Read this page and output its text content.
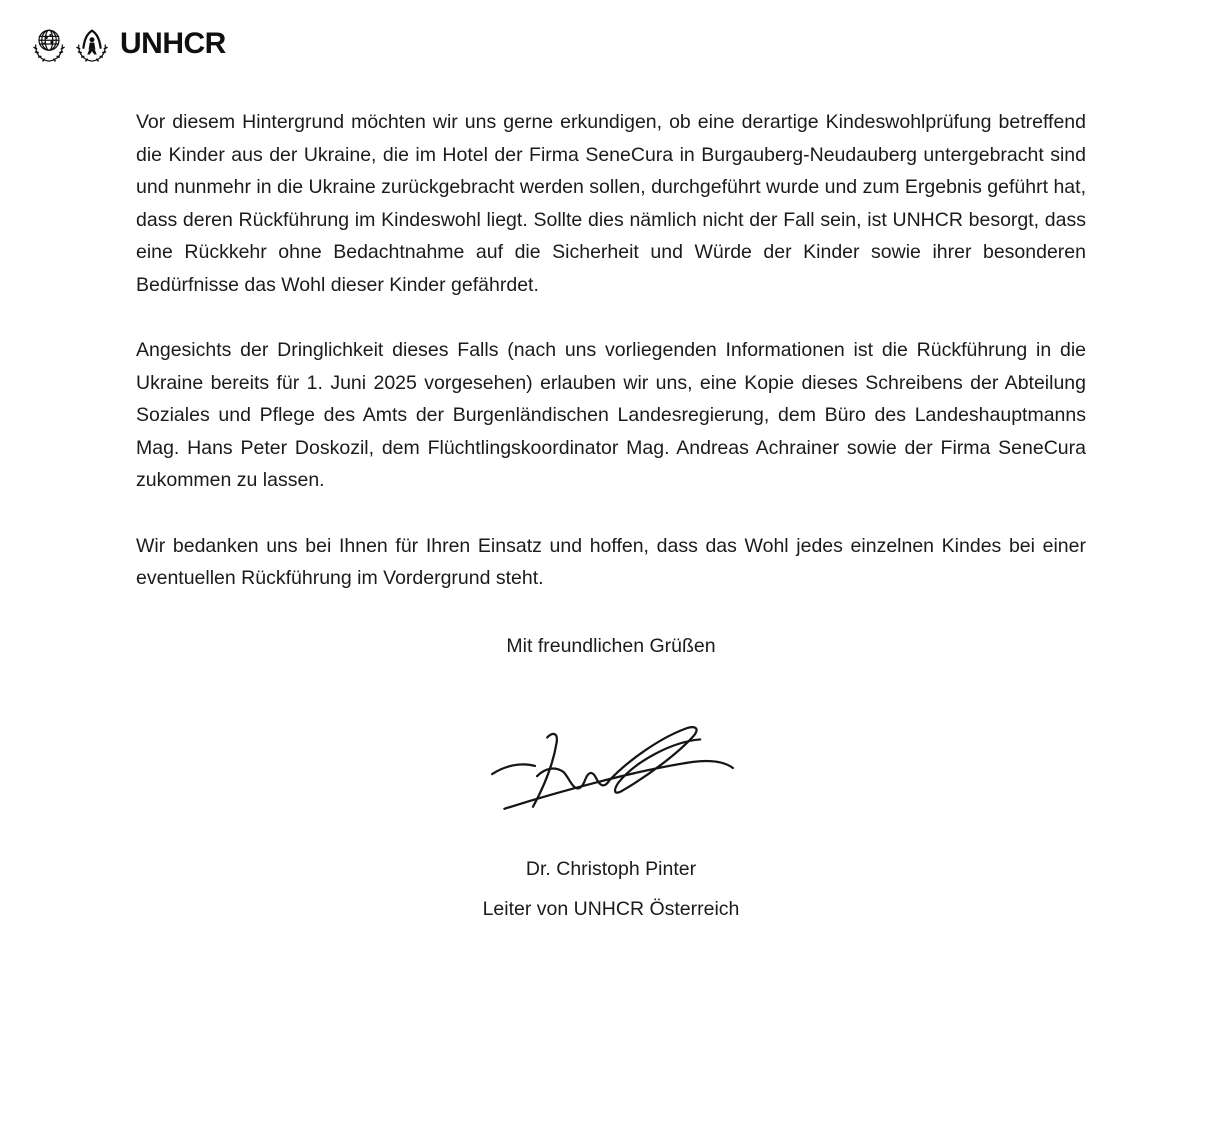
UNHCR

Vor diesem Hintergrund möchten wir uns gerne erkundigen, ob eine derartige Kindeswohlprüfung betreffend die Kinder aus der Ukraine, die im Hotel der Firma SeneCura in Burgauberg-Neudauberg untergebracht sind und nunmehr in die Ukraine zurückgebracht werden sollen, durchgeführt wurde und zum Ergebnis geführt hat, dass deren Rückführung im Kindeswohl liegt. Sollte dies nämlich nicht der Fall sein, ist UNHCR besorgt, dass eine Rückkehr ohne Bedachtnahme auf die Sicherheit und Würde der Kinder sowie ihrer besonderen Bedürfnisse das Wohl dieser Kinder gefährdet.

Angesichts der Dringlichkeit dieses Falls (nach uns vorliegenden Informationen ist die Rückführung in die Ukraine bereits für 1. Juni 2025 vorgesehen) erlauben wir uns, eine Kopie dieses Schreibens der Abteilung Soziales und Pflege des Amts der Burgenländischen Landesregierung, dem Büro des Landeshauptmanns Mag. Hans Peter Doskozil, dem Flüchtlingskoordinator Mag. Andreas Achrainer sowie der Firma SeneCura zukommen zu lassen.

Wir bedanken uns bei Ihnen für Ihren Einsatz und hoffen, dass das Wohl jedes einzelnen Kindes bei einer eventuellen Rückführung im Vordergrund steht.

Mit freundlichen Grüßen
Dr. Christoph Pinter
Leiter von UNHCR Österreich
